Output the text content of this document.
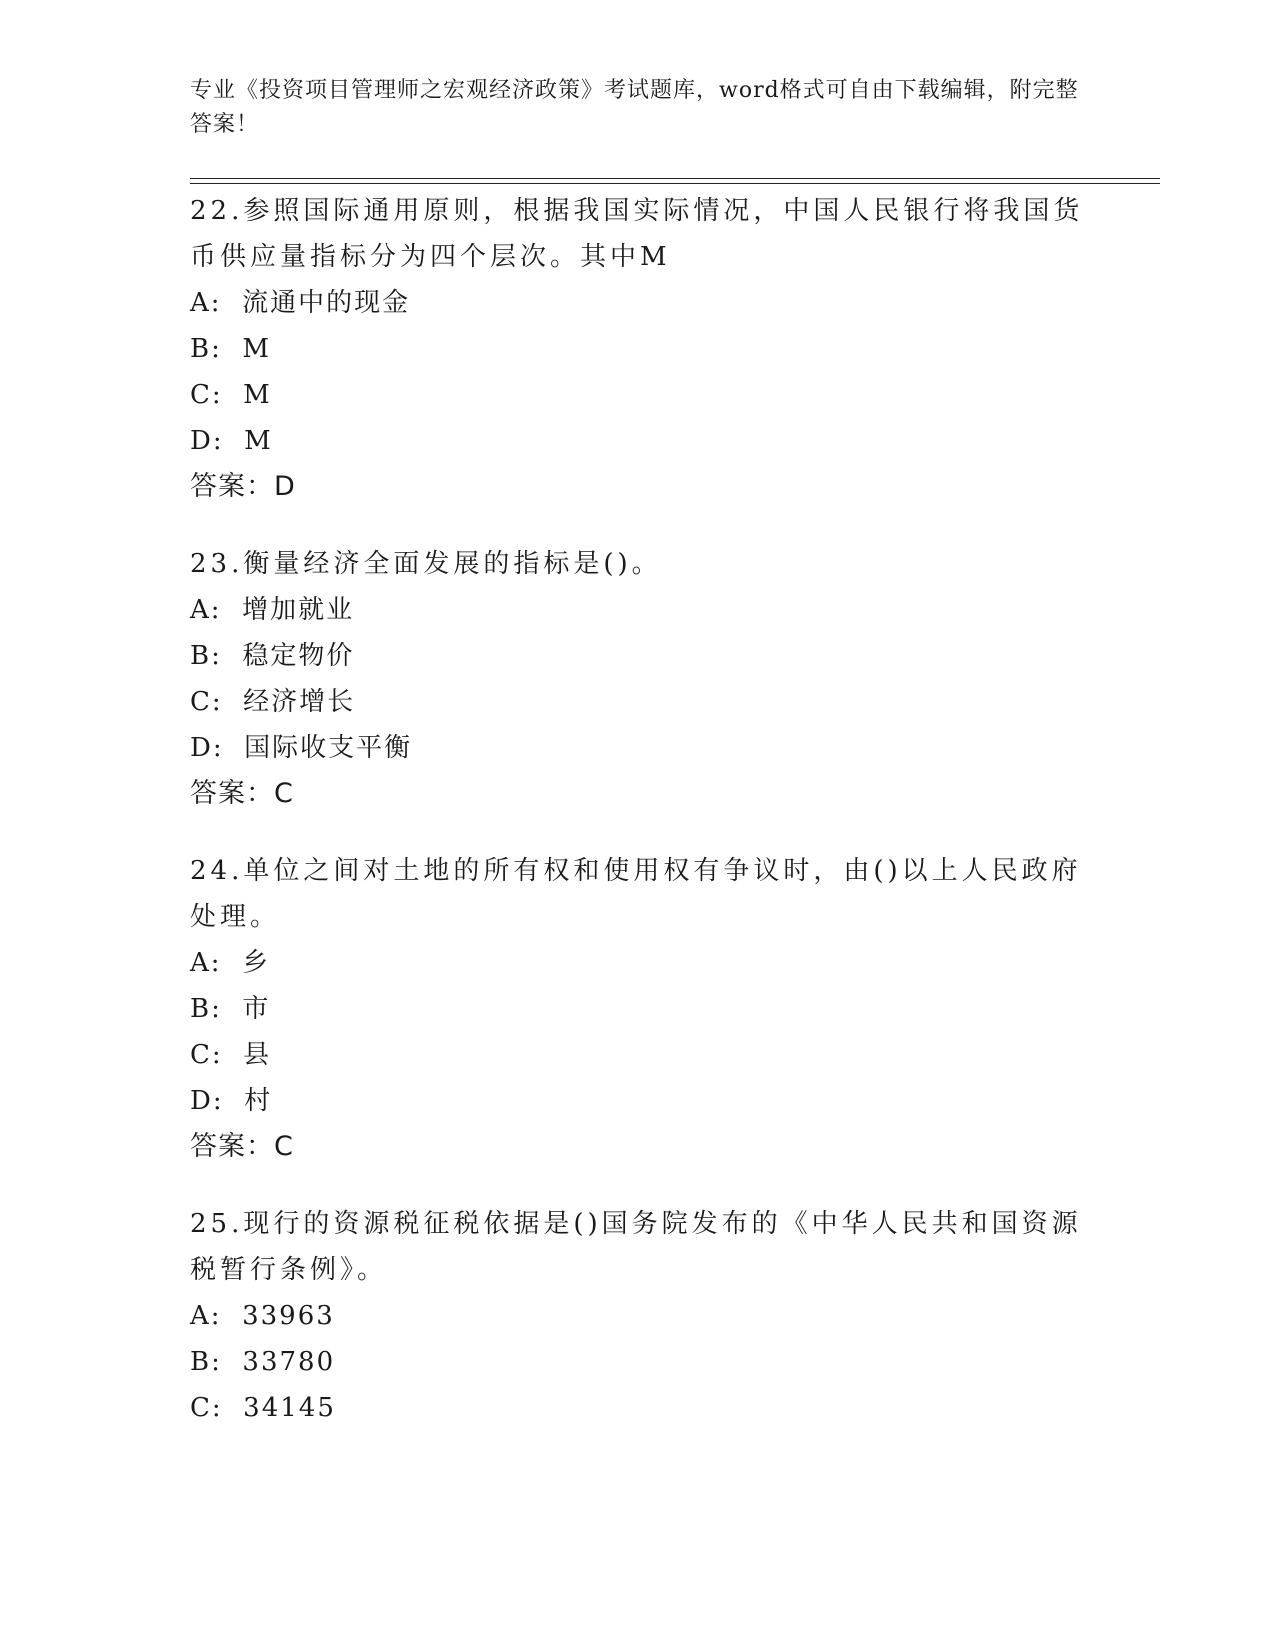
专业《投资项目管理师之宏观经济政策》考试题库，word格式可自由下载编辑，附完整答案！
22.参照国际通用原则，根据我国实际情况，中国人民银行将我国货币供应量指标分为四个层次。其中M
A:  流通中的现金
B:  M
C:  M
D:  M
答案：D
23.衡量经济全面发展的指标是()。
A:  增加就业
B:  稳定物价
C:  经济增长
D:  国际收支平衡
答案：C
24.单位之间对土地的所有权和使用权有争议时，由()以上人民政府处理。
A:  乡
B:  市
C:  县
D:  村
答案：C
25.现行的资源税征税依据是()国务院发布的《中华人民共和国资源税暂行条例》。
A:  33963
B:  33780
C:  34145
